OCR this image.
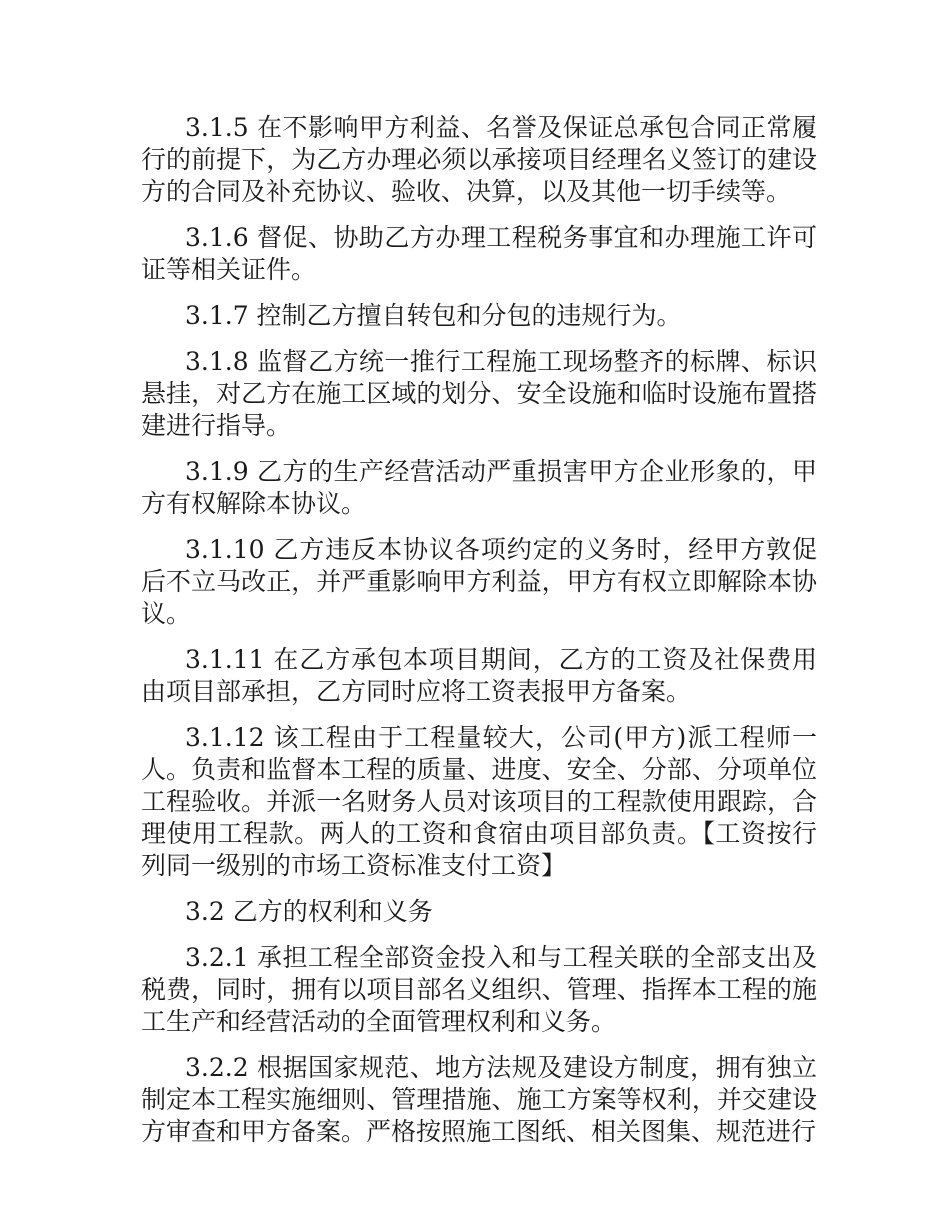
3.1.5 在不影响甲方利益、名誉及保证总承包合同正常履行的前提下，为乙方办理必须以承接项目经理名义签订的建设方的合同及补充协议、验收、决算，以及其他一切手续等。

3.1.6 督促、协助乙方办理工程税务事宜和办理施工许可证等相关证件。

3.1.7 控制乙方擅自转包和分包的违规行为。

3.1.8 监督乙方统一推行工程施工现场整齐的标牌、标识悬挂，对乙方在施工区域的划分、安全设施和临时设施布置搭建进行指导。

3.1.9 乙方的生产经营活动严重损害甲方企业形象的，甲方有权解除本协议。

3.1.10 乙方违反本协议各项约定的义务时，经甲方敦促后不立马改正，并严重影响甲方利益，甲方有权立即解除本协议。

3.1.11 在乙方承包本项目期间，乙方的工资及社保费用由项目部承担，乙方同时应将工资表报甲方备案。

3.1.12 该工程由于工程量较大，公司(甲方)派工程师一人。负责和监督本工程的质量、进度、安全、分部、分项单位工程验收。并派一名财务人员对该项目的工程款使用跟踪，合理使用工程款。两人的工资和食宿由项目部负责。【工资按行列同一级别的市场工资标准支付工资】

3.2 乙方的权利和义务

3.2.1 承担工程全部资金投入和与工程关联的全部支出及税费，同时，拥有以项目部名义组织、管理、指挥本工程的施工生产和经营活动的全面管理权利和义务。

3.2.2 根据国家规范、地方法规及建设方制度，拥有独立制定本工程实施细则、管理措施、施工方案等权利，并交建设方审查和甲方备案。严格按照施工图纸、相关图集、规范进行
